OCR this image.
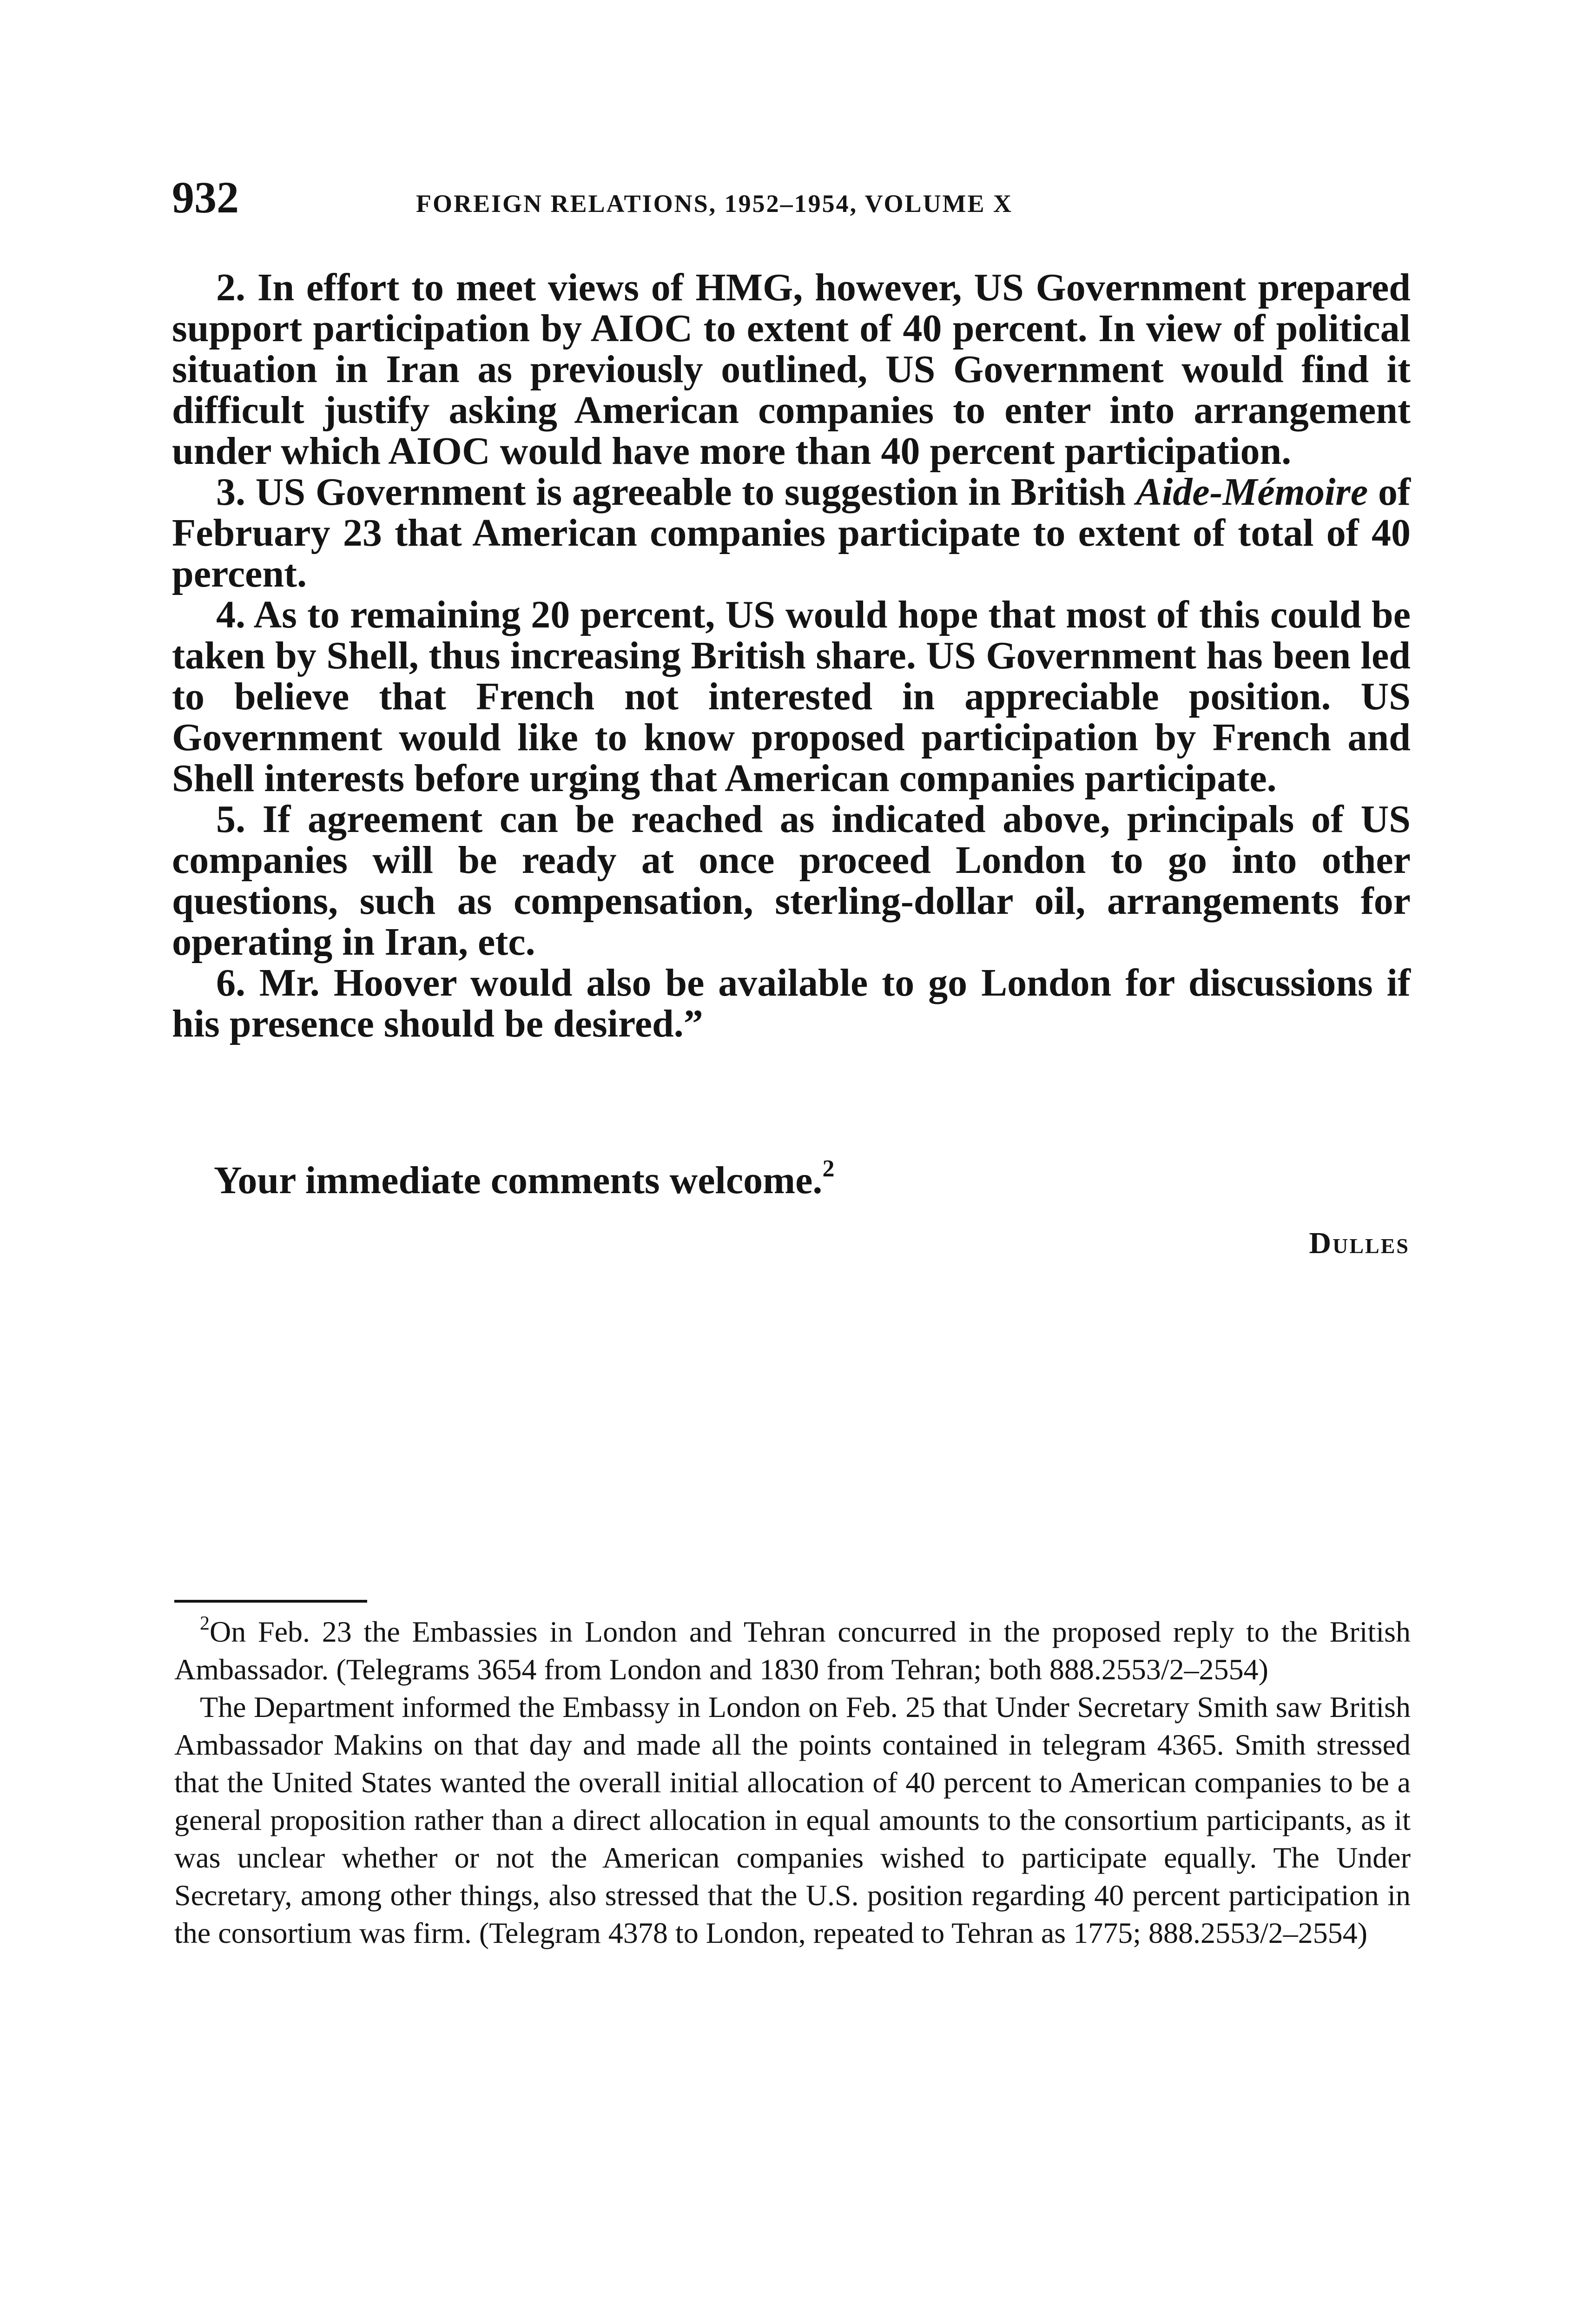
932	FOREIGN RELATIONS, 1952–1954, VOLUME X

2. In effort to meet views of HMG, however, US Government prepared support participation by AIOC to extent of 40 percent. In view of political situation in Iran as previously outlined, US Government would find it difficult justify asking American companies to enter into arrangement under which AIOC would have more than 40 percent participation.

3. US Government is agreeable to suggestion in British Aide-Mémoire of February 23 that American companies participate to extent of total of 40 percent.

4. As to remaining 20 percent, US would hope that most of this could be taken by Shell, thus increasing British share. US Government has been led to believe that French not interested in appreciable position. US Government would like to know proposed participation by French and Shell interests before urging that American companies participate.

5. If agreement can be reached as indicated above, principals of US companies will be ready at once proceed London to go into other questions, such as compensation, sterling-dollar oil, arrangements for operating in Iran, etc.

6. Mr. Hoover would also be available to go London for discussions if his presence should be desired.”

Your immediate comments welcome.$^2$
Dulles

$^2$On Feb. 23 the Embassies in London and Tehran concurred in the proposed reply to the British Ambassador. (Telegrams 3654 from London and 1830 from Tehran; both 888.2553/2–2554)

The Department informed the Embassy in London on Feb. 25 that Under Secretary Smith saw British Ambassador Makins on that day and made all the points contained in telegram 4365. Smith stressed that the United States wanted the overall initial allocation of 40 percent to American companies to be a general proposition rather than a direct allocation in equal amounts to the consortium participants, as it was unclear whether or not the American companies wished to participate equally. The Under Secretary, among other things, also stressed that the U.S. position regarding 40 percent participation in the consortium was firm. (Telegram 4378 to London, repeated to Tehran as 1775; 888.2553/2–2554)
